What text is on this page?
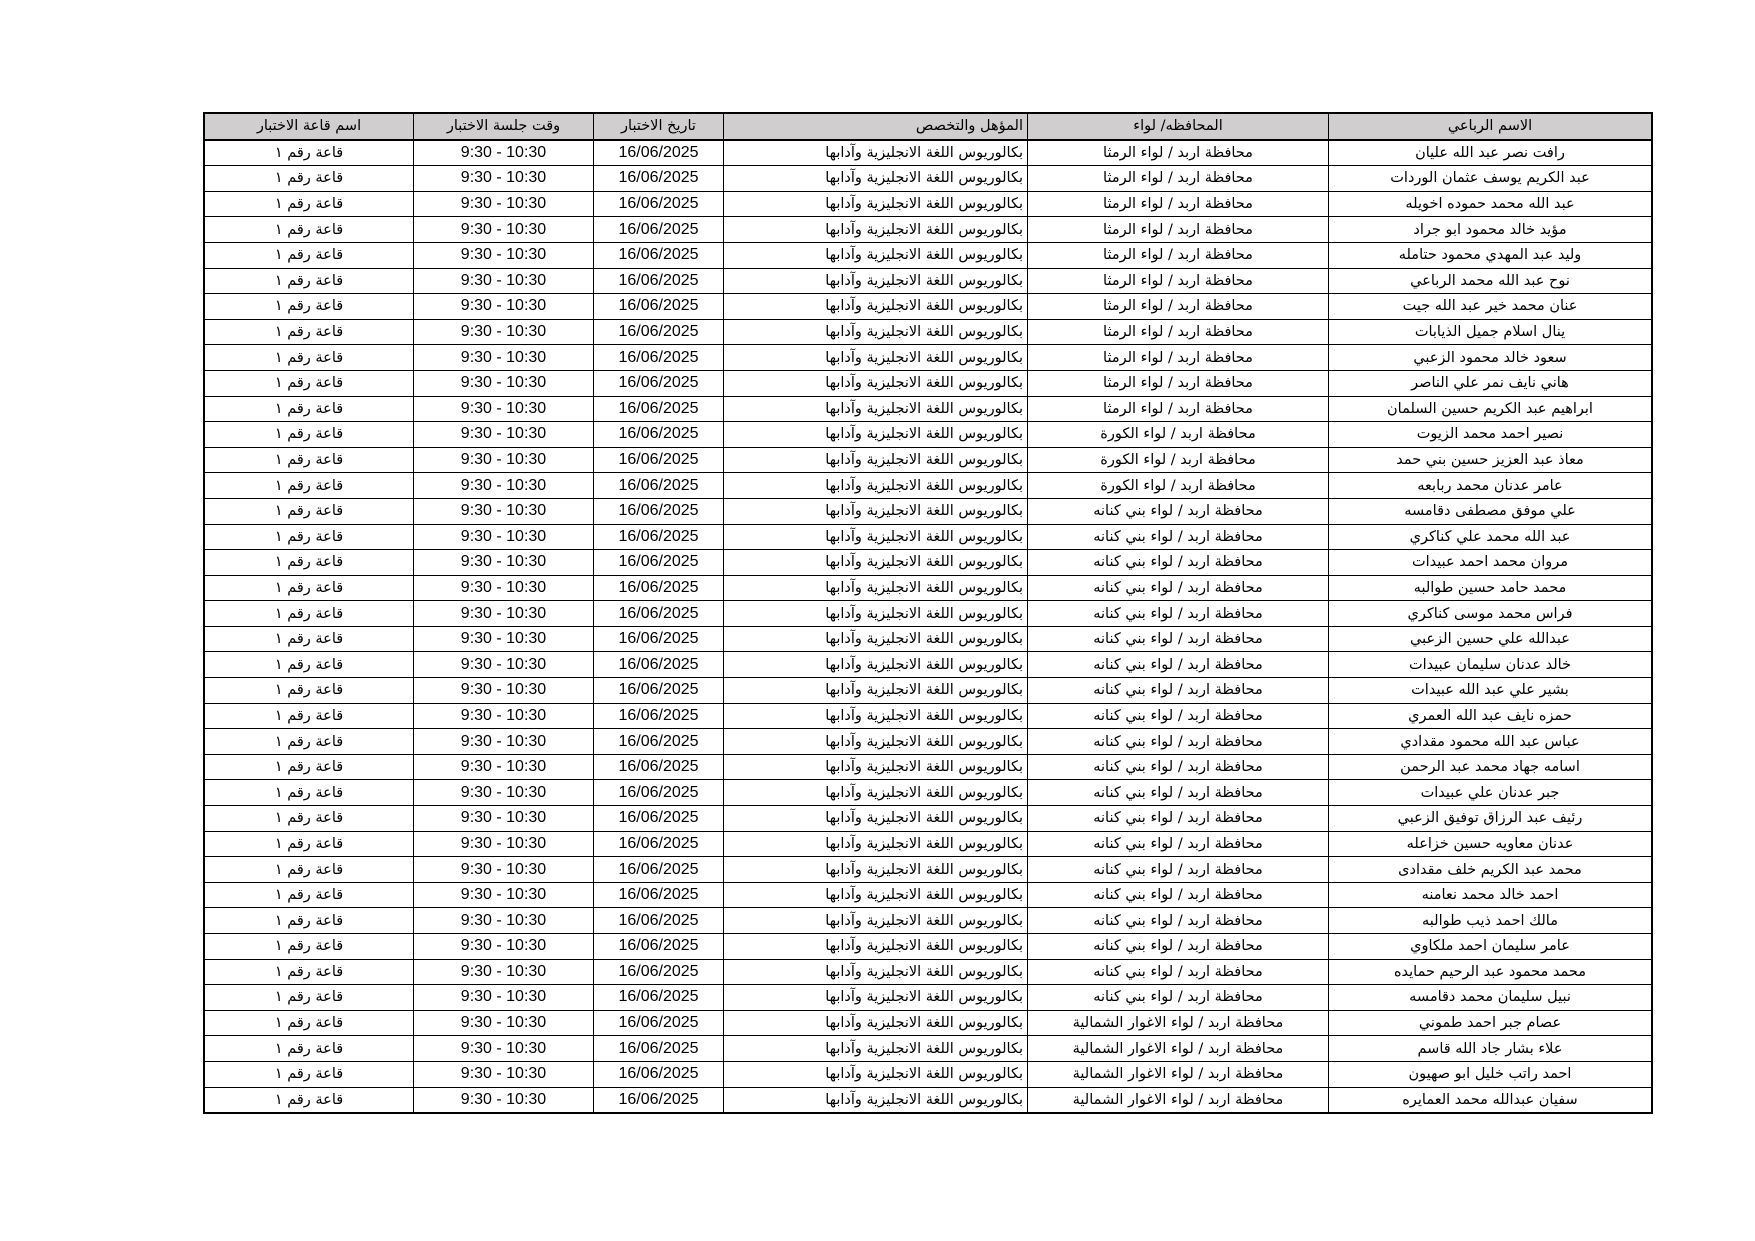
الاسم الرباعي	المحافظه/ لواء	المؤهل والتخصص	تاريخ الاختبار	وقت جلسة الاختبار	اسم قاعة الاختبار
رافت نصر عبد الله عليان	محافظة اربد / لواء الرمثا	بكالوريوس اللغة الانجليزية وآدابها	16/06/2025	9:30 - 10:30	قاعة رقم ١
عبد الكريم يوسف عثمان الوردات	محافظة اربد / لواء الرمثا	بكالوريوس اللغة الانجليزية وآدابها	16/06/2025	9:30 - 10:30	قاعة رقم ١
عبد الله محمد حموده اخويله	محافظة اربد / لواء الرمثا	بكالوريوس اللغة الانجليزية وآدابها	16/06/2025	9:30 - 10:30	قاعة رقم ١
مؤيد خالد محمود ابو جراد	محافظة اربد / لواء الرمثا	بكالوريوس اللغة الانجليزية وآدابها	16/06/2025	9:30 - 10:30	قاعة رقم ١
وليد عبد المهدي محمود حتامله	محافظة اربد / لواء الرمثا	بكالوريوس اللغة الانجليزية وآدابها	16/06/2025	9:30 - 10:30	قاعة رقم ١
نوح عبد الله محمد الرباعي	محافظة اربد / لواء الرمثا	بكالوريوس اللغة الانجليزية وآدابها	16/06/2025	9:30 - 10:30	قاعة رقم ١
عنان محمد خير عبد الله جيت	محافظة اربد / لواء الرمثا	بكالوريوس اللغة الانجليزية وآدابها	16/06/2025	9:30 - 10:30	قاعة رقم ١
ينال اسلام جميل الذيابات	محافظة اربد / لواء الرمثا	بكالوريوس اللغة الانجليزية وآدابها	16/06/2025	9:30 - 10:30	قاعة رقم ١
سعود خالد محمود الزعبي	محافظة اربد / لواء الرمثا	بكالوريوس اللغة الانجليزية وآدابها	16/06/2025	9:30 - 10:30	قاعة رقم ١
هاني نايف نمر علي الناصر	محافظة اربد / لواء الرمثا	بكالوريوس اللغة الانجليزية وآدابها	16/06/2025	9:30 - 10:30	قاعة رقم ١
ابراهيم عبد الكريم حسين السلمان	محافظة اربد / لواء الرمثا	بكالوريوس اللغة الانجليزية وآدابها	16/06/2025	9:30 - 10:30	قاعة رقم ١
نصير احمد محمد الزيوت	محافظة اربد / لواء الكورة	بكالوريوس اللغة الانجليزية وآدابها	16/06/2025	9:30 - 10:30	قاعة رقم ١
معاذ عبد العزيز حسين بني حمد	محافظة اربد / لواء الكورة	بكالوريوس اللغة الانجليزية وآدابها	16/06/2025	9:30 - 10:30	قاعة رقم ١
عامر عدنان محمد ربابعه	محافظة اربد / لواء الكورة	بكالوريوس اللغة الانجليزية وآدابها	16/06/2025	9:30 - 10:30	قاعة رقم ١
علي موفق مصطفى دقامسه	محافظة اربد / لواء بني كنانه	بكالوريوس اللغة الانجليزية وآدابها	16/06/2025	9:30 - 10:30	قاعة رقم ١
عبد الله محمد علي كناكري	محافظة اربد / لواء بني كنانه	بكالوريوس اللغة الانجليزية وآدابها	16/06/2025	9:30 - 10:30	قاعة رقم ١
مروان محمد احمد عبيدات	محافظة اربد / لواء بني كنانه	بكالوريوس اللغة الانجليزية وآدابها	16/06/2025	9:30 - 10:30	قاعة رقم ١
محمد حامد حسين طوالبه	محافظة اربد / لواء بني كنانه	بكالوريوس اللغة الانجليزية وآدابها	16/06/2025	9:30 - 10:30	قاعة رقم ١
فراس محمد موسى كناكري	محافظة اربد / لواء بني كنانه	بكالوريوس اللغة الانجليزية وآدابها	16/06/2025	9:30 - 10:30	قاعة رقم ١
عبدالله علي حسين الزعبي	محافظة اربد / لواء بني كنانه	بكالوريوس اللغة الانجليزية وآدابها	16/06/2025	9:30 - 10:30	قاعة رقم ١
خالد عدنان سليمان عبيدات	محافظة اربد / لواء بني كنانه	بكالوريوس اللغة الانجليزية وآدابها	16/06/2025	9:30 - 10:30	قاعة رقم ١
بشير علي عبد الله عبيدات	محافظة اربد / لواء بني كنانه	بكالوريوس اللغة الانجليزية وآدابها	16/06/2025	9:30 - 10:30	قاعة رقم ١
حمزه نايف عبد الله العمري	محافظة اربد / لواء بني كنانه	بكالوريوس اللغة الانجليزية وآدابها	16/06/2025	9:30 - 10:30	قاعة رقم ١
عباس عبد الله محمود مقدادي	محافظة اربد / لواء بني كنانه	بكالوريوس اللغة الانجليزية وآدابها	16/06/2025	9:30 - 10:30	قاعة رقم ١
اسامه جهاد محمد عبد الرحمن	محافظة اربد / لواء بني كنانه	بكالوريوس اللغة الانجليزية وآدابها	16/06/2025	9:30 - 10:30	قاعة رقم ١
جبر عدنان علي عبيدات	محافظة اربد / لواء بني كنانه	بكالوريوس اللغة الانجليزية وآدابها	16/06/2025	9:30 - 10:30	قاعة رقم ١
رئيف عبد الرزاق توفيق الزعبي	محافظة اربد / لواء بني كنانه	بكالوريوس اللغة الانجليزية وآدابها	16/06/2025	9:30 - 10:30	قاعة رقم ١
عدنان معاويه حسين خزاعله	محافظة اربد / لواء بني كنانه	بكالوريوس اللغة الانجليزية وآدابها	16/06/2025	9:30 - 10:30	قاعة رقم ١
محمد عبد الكريم خلف مقدادى	محافظة اربد / لواء بني كنانه	بكالوريوس اللغة الانجليزية وآدابها	16/06/2025	9:30 - 10:30	قاعة رقم ١
احمد خالد محمد نعامنه	محافظة اربد / لواء بني كنانه	بكالوريوس اللغة الانجليزية وآدابها	16/06/2025	9:30 - 10:30	قاعة رقم ١
مالك احمد ذيب طوالبه	محافظة اربد / لواء بني كنانه	بكالوريوس اللغة الانجليزية وآدابها	16/06/2025	9:30 - 10:30	قاعة رقم ١
عامر سليمان احمد ملكاوي	محافظة اربد / لواء بني كنانه	بكالوريوس اللغة الانجليزية وآدابها	16/06/2025	9:30 - 10:30	قاعة رقم ١
محمد محمود عبد الرحيم حمايده	محافظة اربد / لواء بني كنانه	بكالوريوس اللغة الانجليزية وآدابها	16/06/2025	9:30 - 10:30	قاعة رقم ١
نبيل سليمان محمد دقامسه	محافظة اربد / لواء بني كنانه	بكالوريوس اللغة الانجليزية وآدابها	16/06/2025	9:30 - 10:30	قاعة رقم ١
عصام جبر احمد طموني	محافظة اربد / لواء الاغوار الشمالية	بكالوريوس اللغة الانجليزية وآدابها	16/06/2025	9:30 - 10:30	قاعة رقم ١
علاء بشار جاد الله قاسم	محافظة اربد / لواء الاغوار الشمالية	بكالوريوس اللغة الانجليزية وآدابها	16/06/2025	9:30 - 10:30	قاعة رقم ١
احمد راتب خليل ابو صهيون	محافظة اربد / لواء الاغوار الشمالية	بكالوريوس اللغة الانجليزية وآدابها	16/06/2025	9:30 - 10:30	قاعة رقم ١
سفيان عبدالله محمد العمايره	محافظة اربد / لواء الاغوار الشمالية	بكالوريوس اللغة الانجليزية وآدابها	16/06/2025	9:30 - 10:30	قاعة رقم ١
